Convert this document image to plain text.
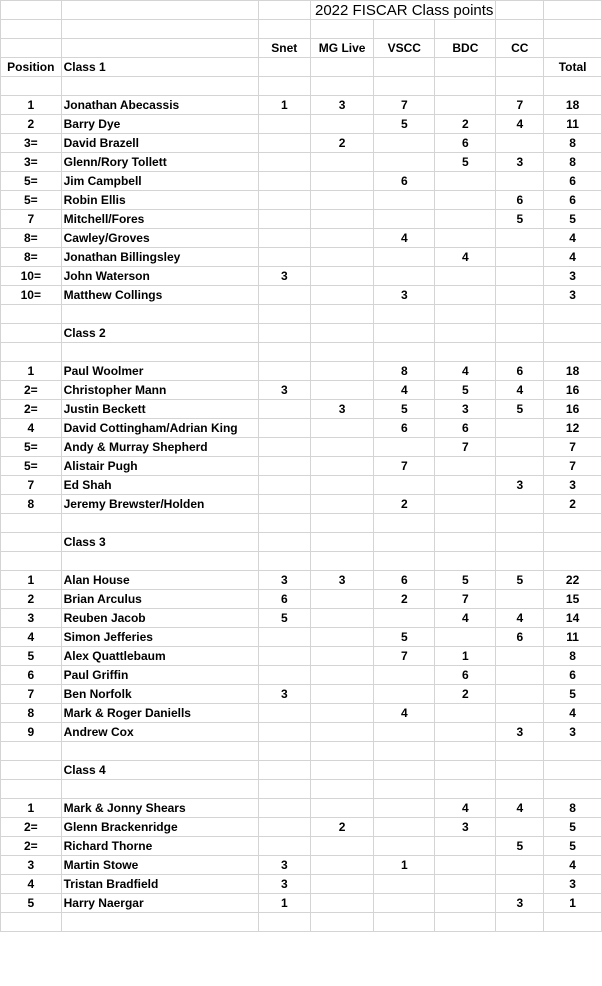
			2022 FISCAR Class points				

		Snet	MG Live	VSCC	BDC	CC	
Position	Class 1						Total

1	Jonathan Abecassis	1	3	7		7	18
2	Barry Dye			5	2	4	11
3=	David Brazell		2		6		8
3=	Glenn/Rory Tollett				5	3	8
5=	Jim Campbell			6			6
5=	Robin Ellis					6	6
7	Mitchell/Fores					5	5
8=	Cawley/Groves			4			4
8=	Jonathan Billingsley				4		4
10=	John Waterson	3					3
10=	Matthew Collings			3			3

	Class 2						

1	Paul Woolmer			8	4	6	18
2=	Christopher Mann	3		4	5	4	16
2=	Justin Beckett		3	5	3	5	16
4	David Cottingham/Adrian King			6	6		12
5=	Andy & Murray Shepherd				7		7
5=	Alistair Pugh			7			7
7	Ed Shah					3	3
8	Jeremy Brewster/Holden			2			2

	Class 3						

1	Alan House	3	3	6	5	5	22
2	Brian Arculus	6		2	7		15
3	Reuben Jacob	5			4	4	14
4	Simon Jefferies			5		6	11
5	Alex Quattlebaum			7	1		8
6	Paul Griffin				6		6
7	Ben Norfolk	3			2		5
8	Mark & Roger Daniells			4			4
9	Andrew Cox					3	3

	Class 4						

1	Mark & Jonny Shears				4	4	8
2=	Glenn Brackenridge		2		3		5
2=	Richard Thorne					5	5
3	Martin Stowe	3		1			4
4	Tristan Bradfield	3					3
5	Harry Naergar	1				3	1
